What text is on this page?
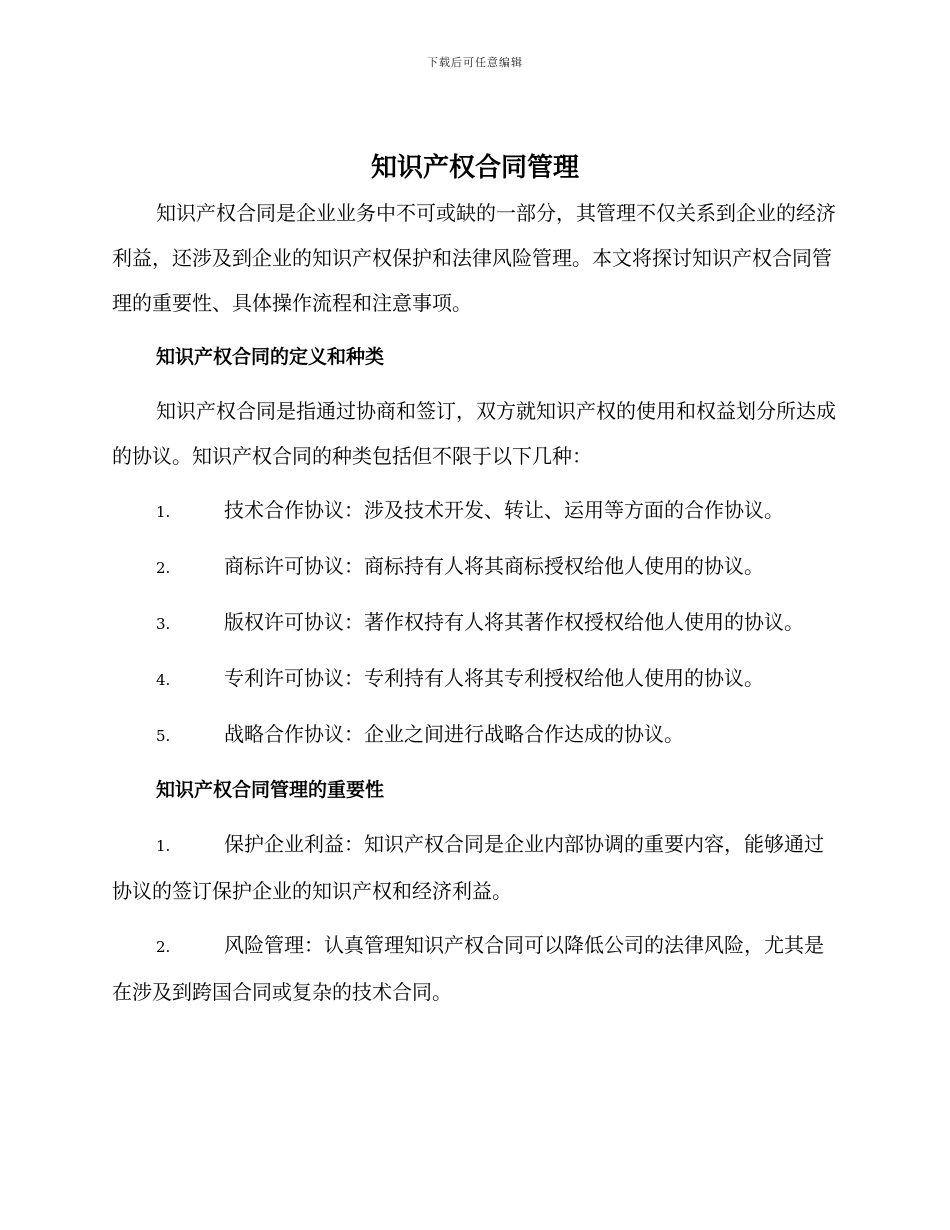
下载后可任意编辑
知识产权合同管理

知识产权合同是企业业务中不可或缺的一部分，其管理不仅关系到企业的经济利益，还涉及到企业的知识产权保护和法律风险管理。本文将探讨知识产权合同管理的重要性、具体操作流程和注意事项。

知识产权合同的定义和种类

知识产权合同是指通过协商和签订，双方就知识产权的使用和权益划分所达成的协议。知识产权合同的种类包括但不限于以下几种：

1.	技术合作协议：涉及技术开发、转让、运用等方面的合作协议。

2.	商标许可协议：商标持有人将其商标授权给他人使用的协议。

3.	版权许可协议：著作权持有人将其著作权授权给他人使用的协议。

4.	专利许可协议：专利持有人将其专利授权给他人使用的协议。

5.	战略合作协议：企业之间进行战略合作达成的协议。

知识产权合同管理的重要性

1.	保护企业利益：知识产权合同是企业内部协调的重要内容，能够通过协议的签订保护企业的知识产权和经济利益。

2.	风险管理：认真管理知识产权合同可以降低公司的法律风险，尤其是在涉及到跨国合同或复杂的技术合同。
